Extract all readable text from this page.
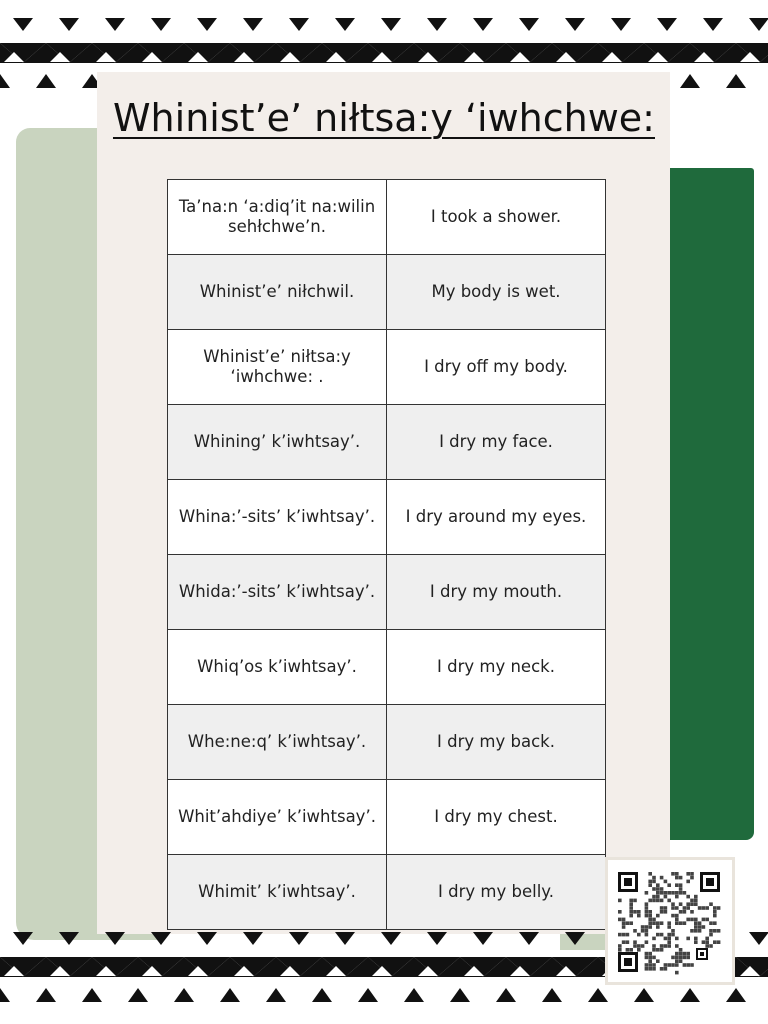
Whinist’e’ niłtsa:y ‘iwhchwe:
Ta’na:n ‘a:diq’it na:wilin sehłchwe’n.	I took a shower.
Whinist’e’ niłchwil.	My body is wet.
Whinist’e’ niłtsa:y ‘iwhchwe: .	I dry off my body.
Whining’ k’iwhtsay’.	I dry my face.
Whina:’-sits’ k’iwhtsay’.	I dry around my eyes.
Whida:’-sits’ k’iwhtsay’.	I dry my mouth.
Whiq’os k’iwhtsay’.	I dry my neck.
Whe:ne:q’ k’iwhtsay’.	I dry my back.
Whit’ahdiye’ k’iwhtsay’.	I dry my chest.
Whimit’ k’iwhtsay’.	I dry my belly.
